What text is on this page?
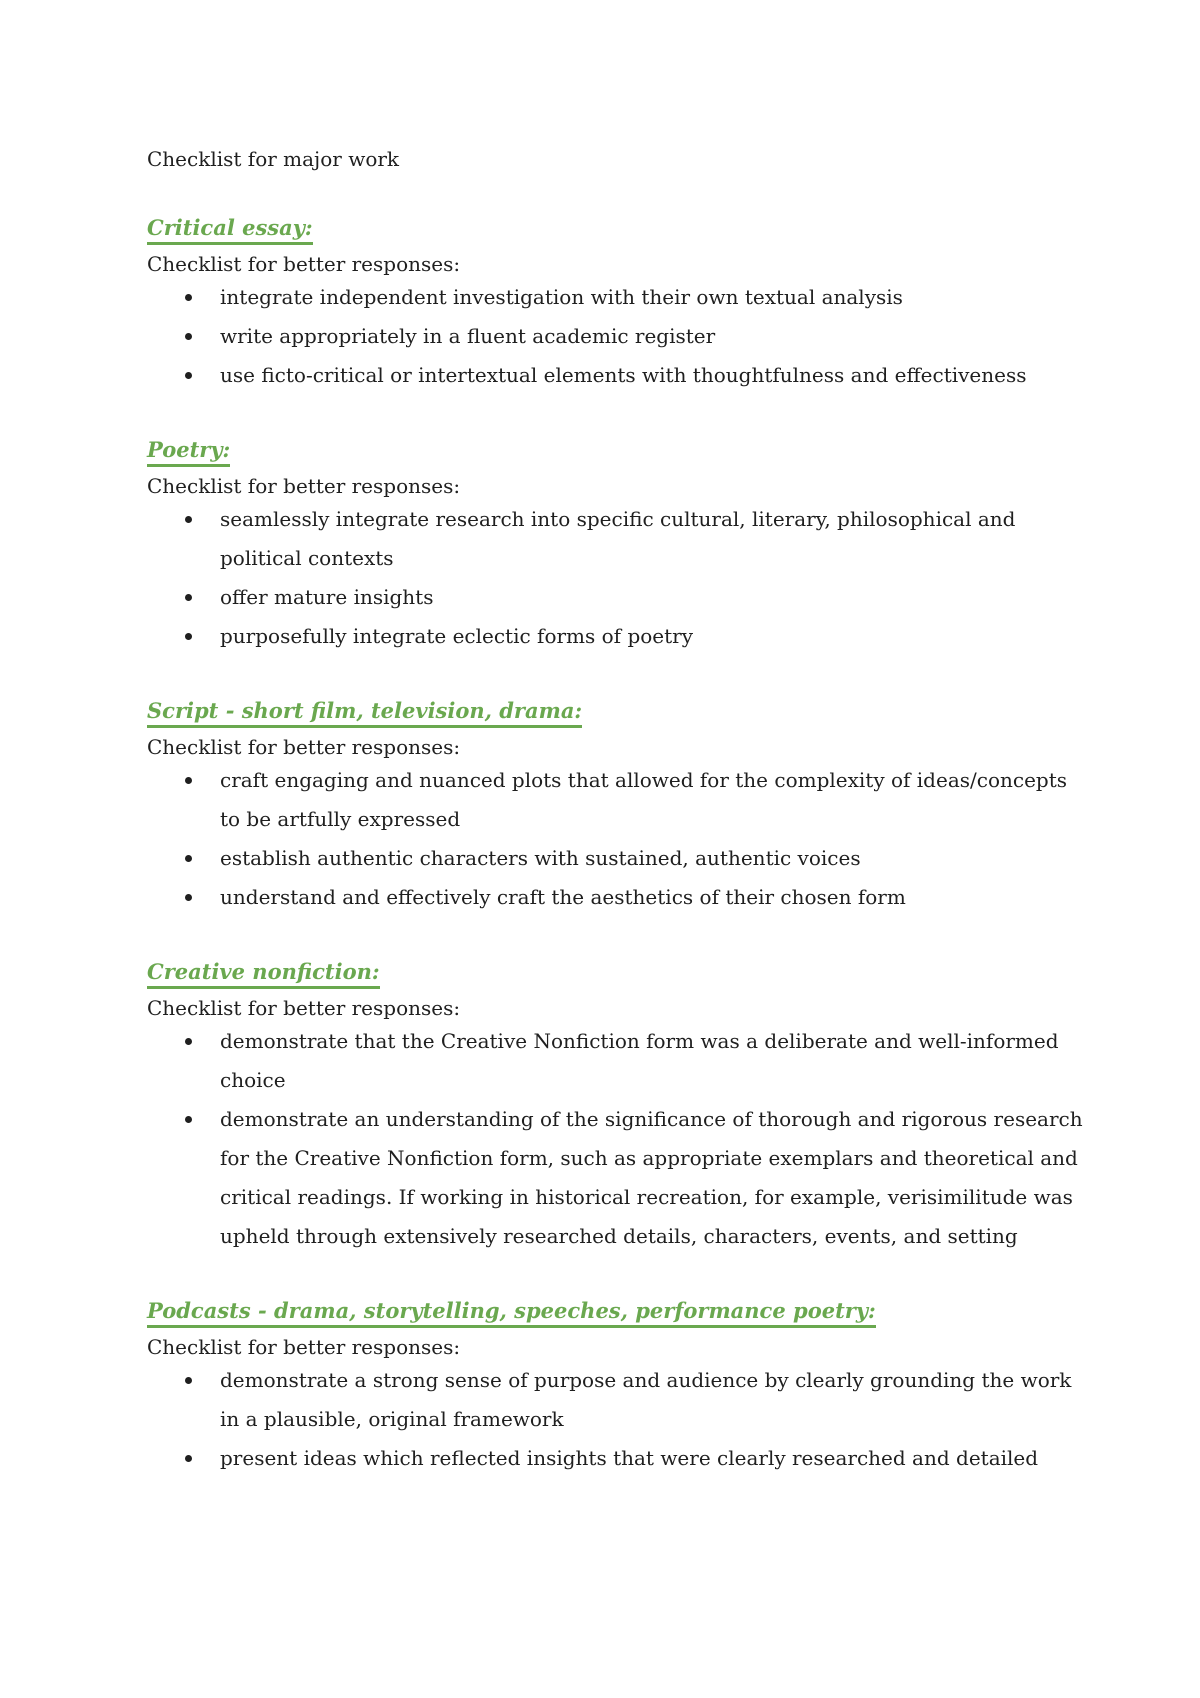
Checklist for major work

Critical essay:

Checklist for better responses:

integrate independent investigation with their own textual analysis
write appropriately in a fluent academic register
use ficto-critical or intertextual elements with thoughtfulness and effectiveness
Poetry:

Checklist for better responses:

seamlessly integrate research into specific cultural, literary, philosophical and political contexts
offer mature insights
purposefully integrate eclectic forms of poetry
Script - short film, television, drama:

Checklist for better responses:

craft engaging and nuanced plots that allowed for the complexity of ideas/concepts to be artfully expressed
establish authentic characters with sustained, authentic voices
understand and effectively craft the aesthetics of their chosen form
Creative nonfiction:

Checklist for better responses:

demonstrate that the Creative Nonfiction form was a deliberate and well-informed choice
demonstrate an understanding of the significance of thorough and rigorous research for the Creative Nonfiction form, such as appropriate exemplars and theoretical and critical readings. If working in historical recreation, for example, verisimilitude was upheld through extensively researched details, characters, events, and setting
Podcasts - drama, storytelling, speeches, performance poetry:

Checklist for better responses:

demonstrate a strong sense of purpose and audience by clearly grounding the work in a plausible, original framework
present ideas which reflected insights that were clearly researched and detailed
